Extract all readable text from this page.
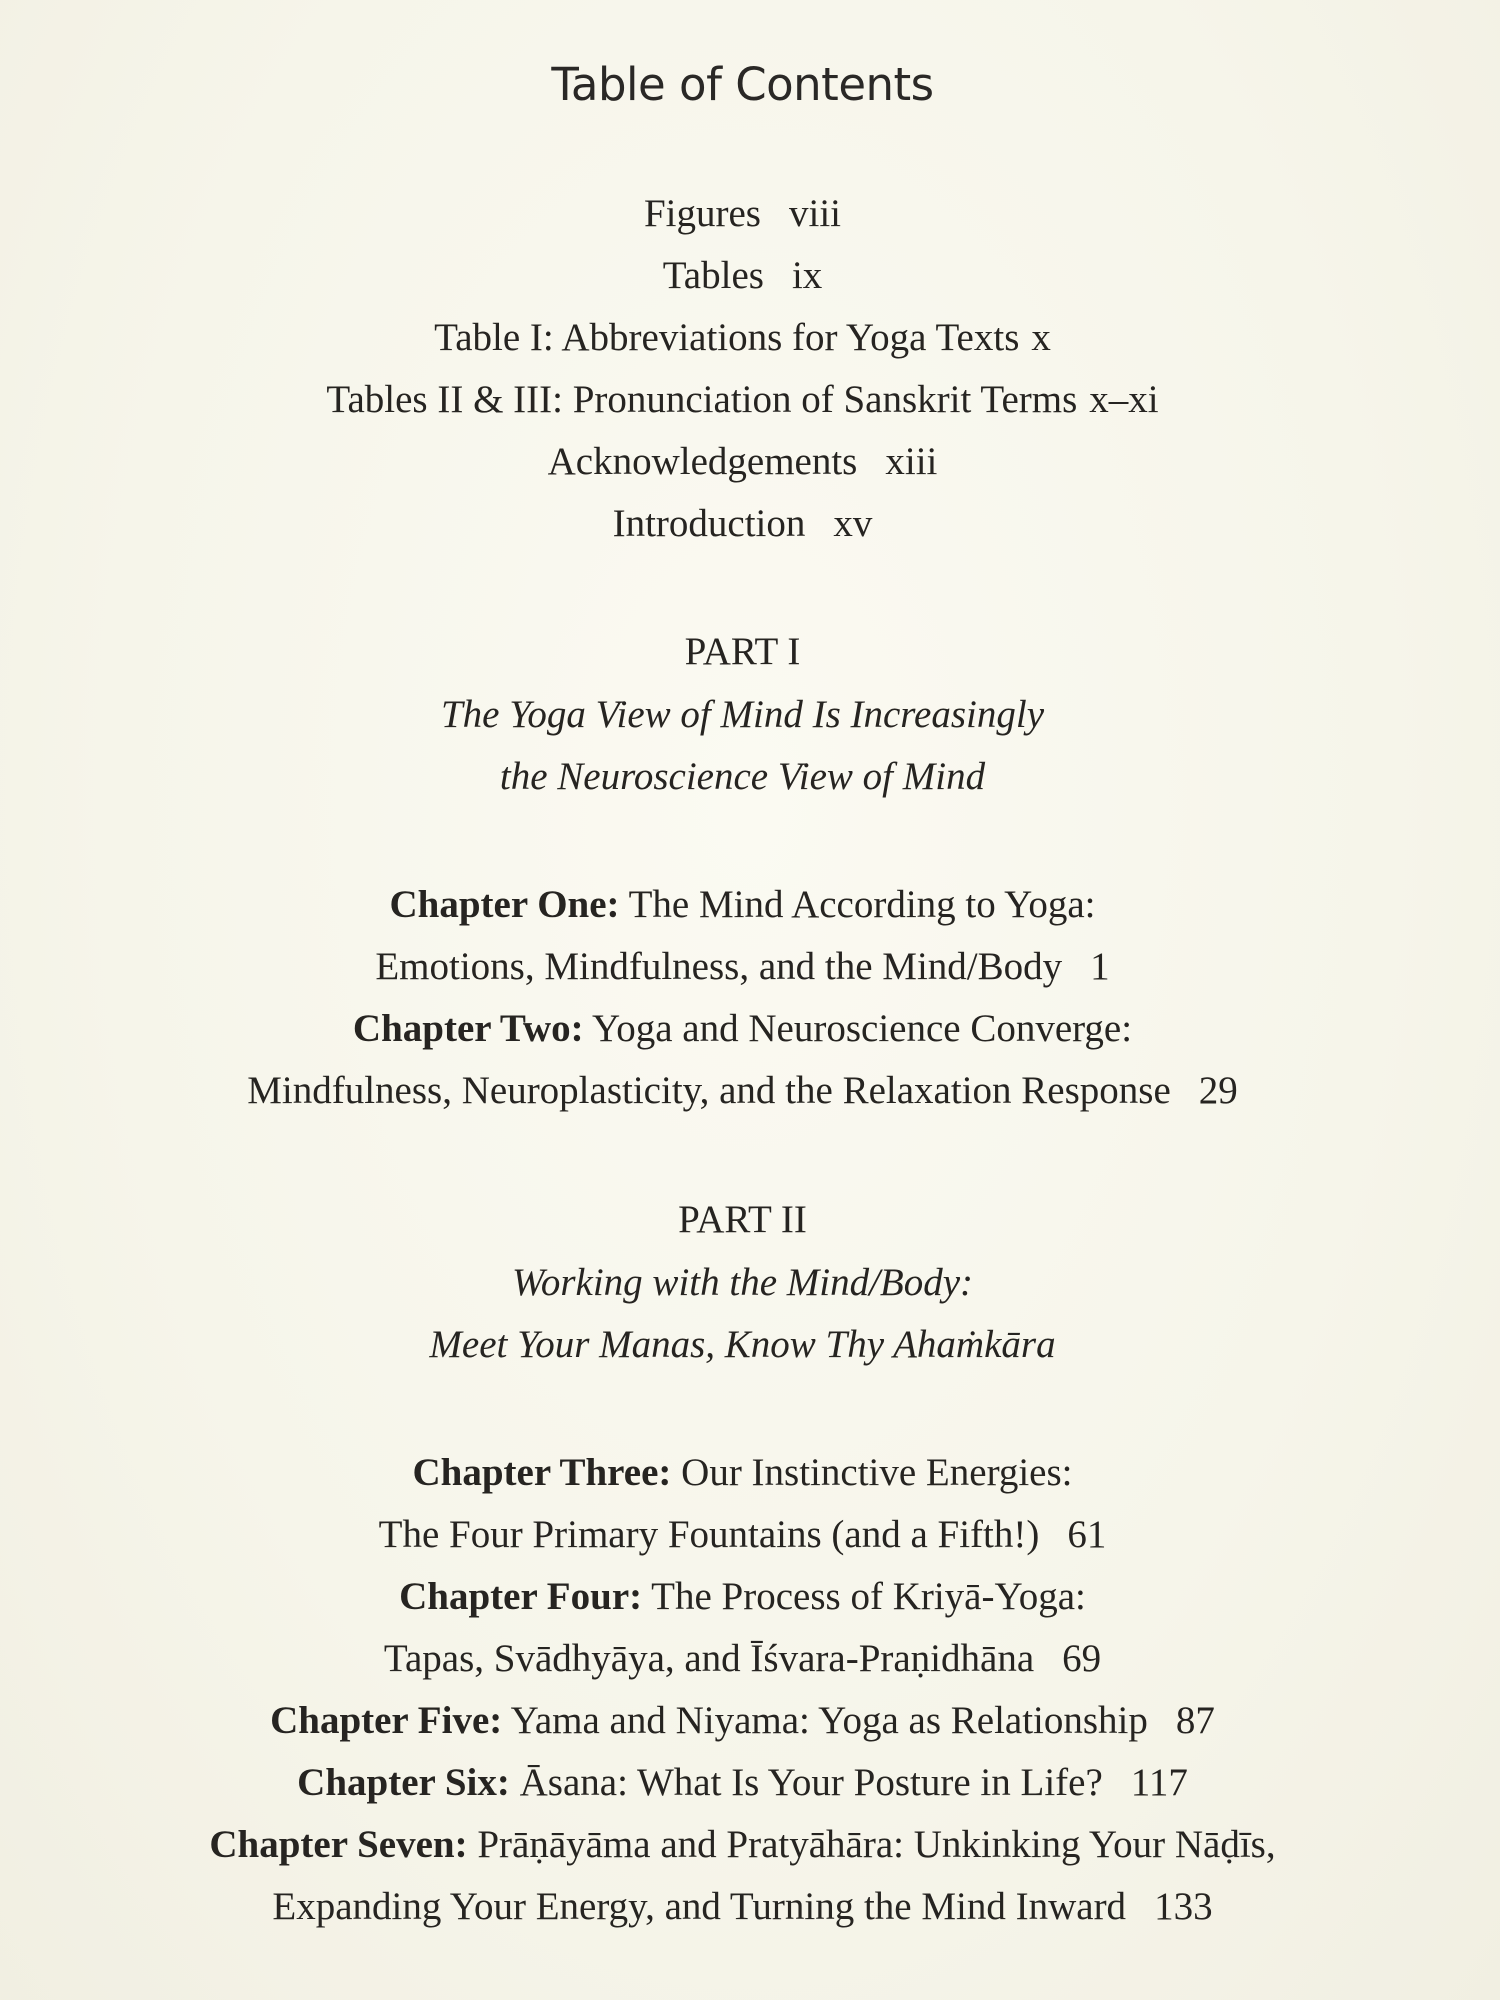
Table of Contents
Figures viii
Tables ix
Table I: Abbreviations for Yoga Texts x
Tables II & III: Pronunciation of Sanskrit Terms x–xi
Acknowledgements xiii
Introduction xv
PART I
The Yoga View of Mind Is Increasingly
the Neuroscience View of Mind
Chapter One: The Mind According to Yoga:
Emotions, Mindfulness, and the Mind/Body 1
Chapter Two: Yoga and Neuroscience Converge:
Mindfulness, Neuroplasticity, and the Relaxation Response 29
PART II
Working with the Mind/Body:
Meet Your Manas, Know Thy Ahaṁkāra
Chapter Three: Our Instinctive Energies:
The Four Primary Fountains (and a Fifth!) 61
Chapter Four: The Process of Kriyā-Yoga:
Tapas, Svādhyāya, and Īśvara-Praṇidhāna 69
Chapter Five: Yama and Niyama: Yoga as Relationship 87
Chapter Six: Āsana: What Is Your Posture in Life? 117
Chapter Seven: Prāṇāyāma and Pratyāhāra: Unkinking Your Nāḍīs,
Expanding Your Energy, and Turning the Mind Inward 133
